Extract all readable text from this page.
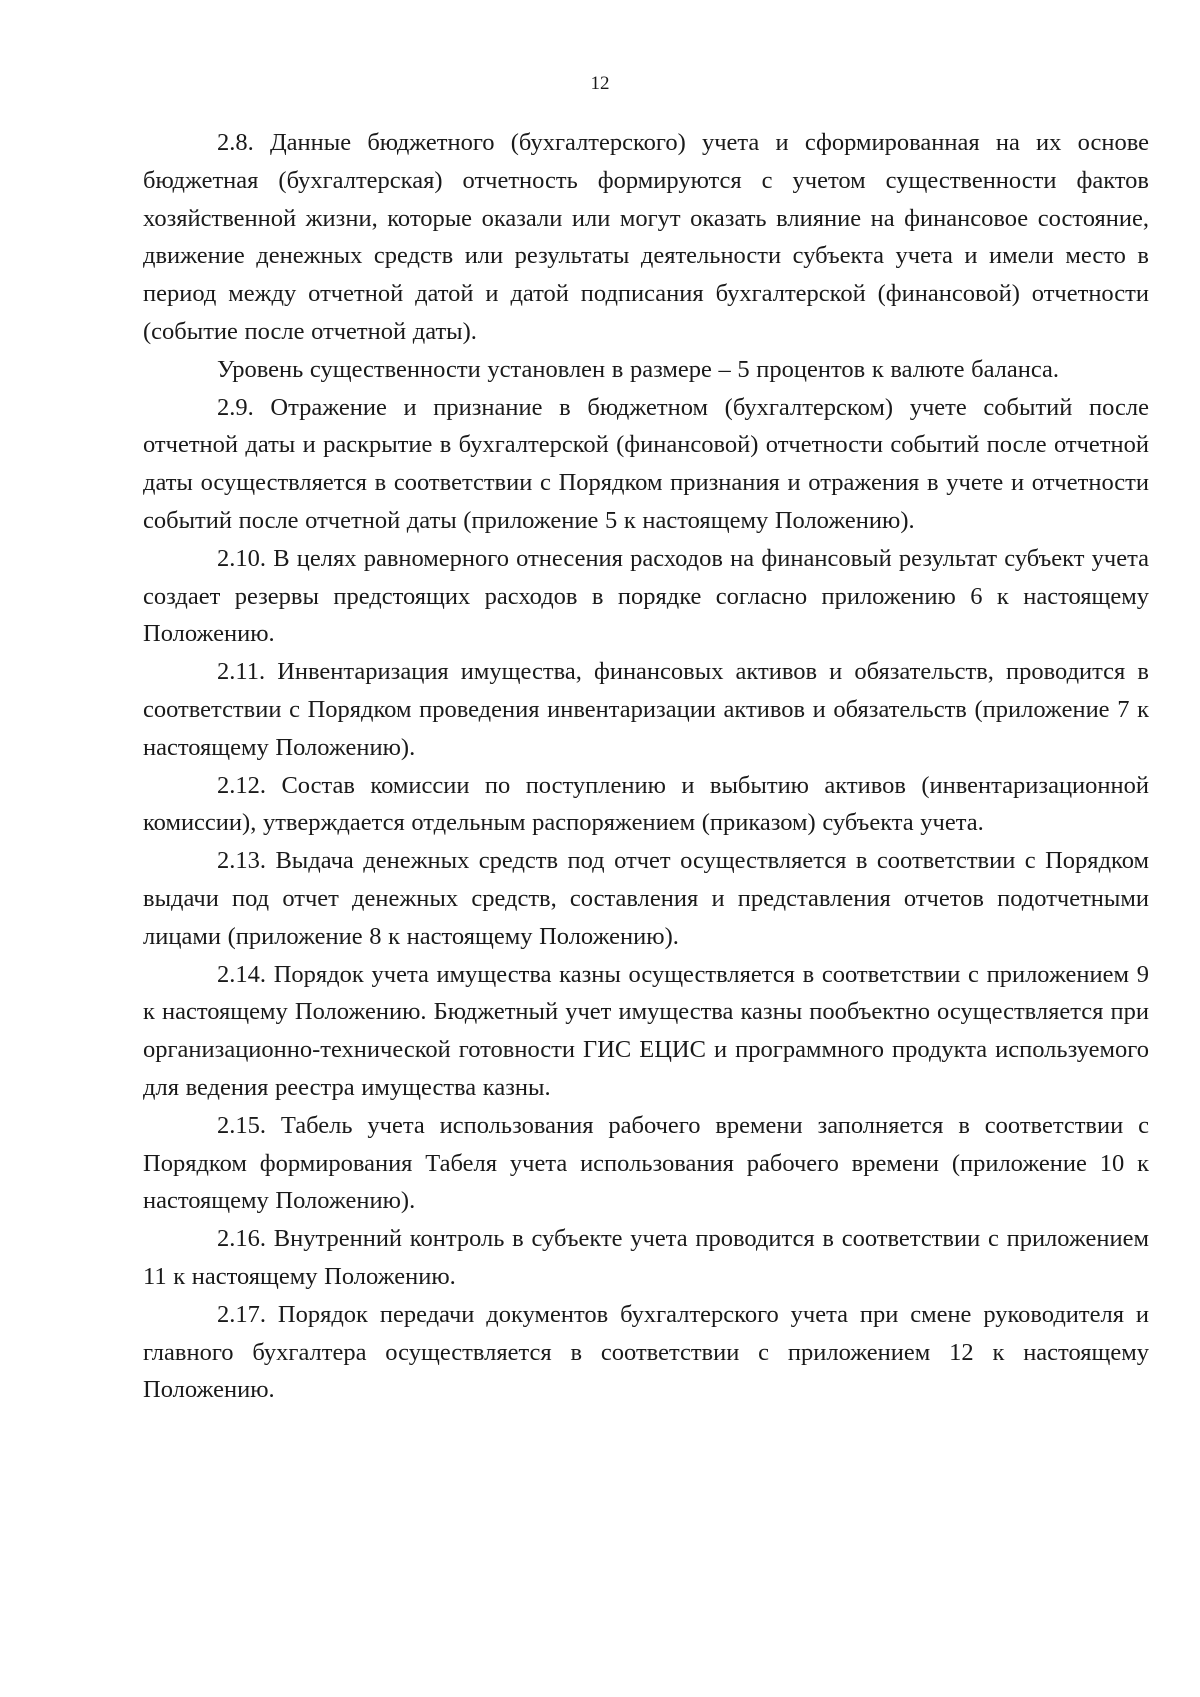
12

2.8. Данные бюджетного (бухгалтерского) учета и сформированная на их основе бюджетная (бухгалтерская) отчетность формируются с учетом существенности фактов хозяйственной жизни, которые оказали или могут оказать влияние на финансовое состояние, движение денежных средств или результаты деятельности субъекта учета и имели место в период между отчетной датой и датой подписания бухгалтерской (финансовой) отчетности (событие после отчетной даты).

Уровень существенности установлен в размере – 5 процентов к валюте баланса.

2.9. Отражение и признание в бюджетном (бухгалтерском) учете событий после отчетной даты и раскрытие в бухгалтерской (финансовой) отчетности событий после отчетной даты осуществляется в соответствии с Порядком признания и отражения в учете и отчетности событий после отчетной даты (приложение 5 к настоящему Положению).

2.10. В целях равномерного отнесения расходов на финансовый результат субъект учета создает резервы предстоящих расходов в порядке согласно приложению 6 к настоящему Положению.

2.11. Инвентаризация имущества, финансовых активов и обязательств, проводится в соответствии с Порядком проведения инвентаризации активов и обязательств (приложение 7 к настоящему Положению).

2.12. Состав комиссии по поступлению и выбытию активов (инвентаризационной комиссии), утверждается отдельным распоряжением (приказом) субъекта учета.

2.13. Выдача денежных средств под отчет осуществляется в соответствии с Порядком выдачи под отчет денежных средств, составления и представления отчетов подотчетными лицами (приложение 8 к настоящему Положению).

2.14. Порядок учета имущества казны осуществляется в соответствии с приложением 9 к настоящему Положению. Бюджетный учет имущества казны пообъектно осуществляется при организационно-технической готовности ГИС ЕЦИС и программного продукта используемого для ведения реестра имущества казны.

2.15. Табель учета использования рабочего времени заполняется в соответствии с Порядком формирования Табеля учета использования рабочего времени (приложение 10 к настоящему Положению).

2.16. Внутренний контроль в субъекте учета проводится в соответствии с приложением 11 к настоящему Положению.

2.17. Порядок передачи документов бухгалтерского учета при смене руководителя и главного бухгалтера осуществляется в соответствии с приложением 12 к настоящему Положению.
